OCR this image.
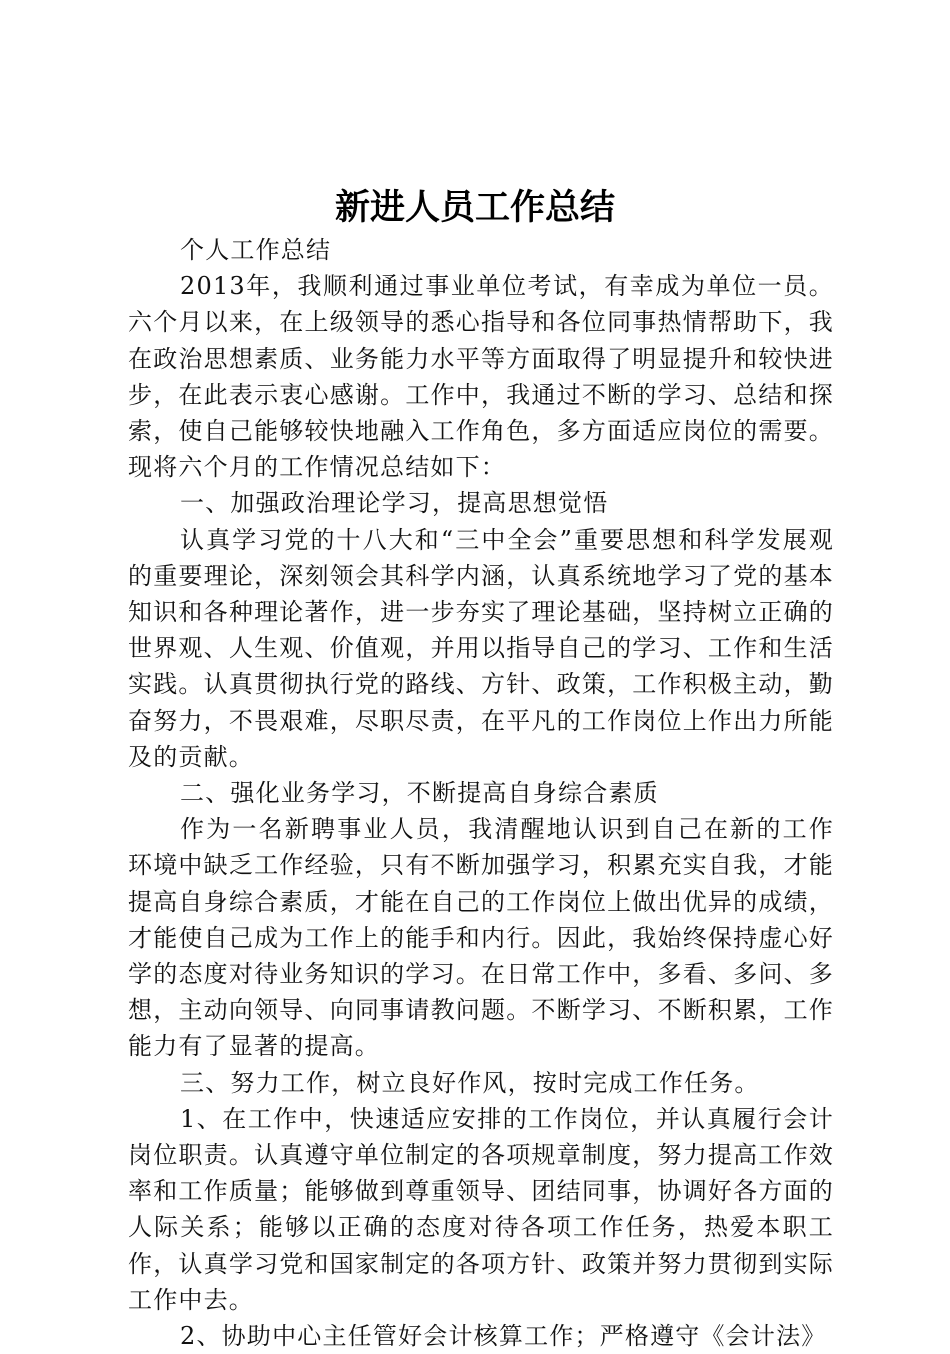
新进人员工作总结

个人工作总结

2013年，我顺利通过事业单位考试，有幸成为单位一员。六个月以来，在上级领导的悉心指导和各位同事热情帮助下，我在政治思想素质、业务能力水平等方面取得了明显提升和较快进步，在此表示衷心感谢。工作中，我通过不断的学习、总结和探索，使自己能够较快地融入工作角色，多方面适应岗位的需要。现将六个月的工作情况总结如下：

一、加强政治理论学习，提高思想觉悟

认真学习党的十八大和“三中全会”重要思想和科学发展观的重要理论，深刻领会其科学内涵，认真系统地学习了党的基本知识和各种理论著作，进一步夯实了理论基础，坚持树立正确的世界观、人生观、价值观，并用以指导自己的学习、工作和生活实践。认真贯彻执行党的路线、方针、政策，工作积极主动，勤奋努力，不畏艰难，尽职尽责，在平凡的工作岗位上作出力所能及的贡献。

二、强化业务学习，不断提高自身综合素质

作为一名新聘事业人员，我清醒地认识到自己在新的工作环境中缺乏工作经验，只有不断加强学习，积累充实自我，才能提高自身综合素质，才能在自己的工作岗位上做出优异的成绩，才能使自己成为工作上的能手和内行。因此，我始终保持虚心好学的态度对待业务知识的学习。在日常工作中，多看、多问、多想，主动向领导、向同事请教问题。不断学习、不断积累，工作能力有了显著的提高。

三、努力工作，树立良好作风，按时完成工作任务。

1、在工作中，快速适应安排的工作岗位，并认真履行会计岗位职责。认真遵守单位制定的各项规章制度，努力提高工作效率和工作质量；能够做到尊重领导、团结同事，协调好各方面的人际关系；能够以正确的态度对待各项工作任务，热爱本职工作，认真学习党和国家制定的各项方针、政策并努力贯彻到实际工作中去。

2、协助中心主任管好会计核算工作；严格遵守《会计法》
